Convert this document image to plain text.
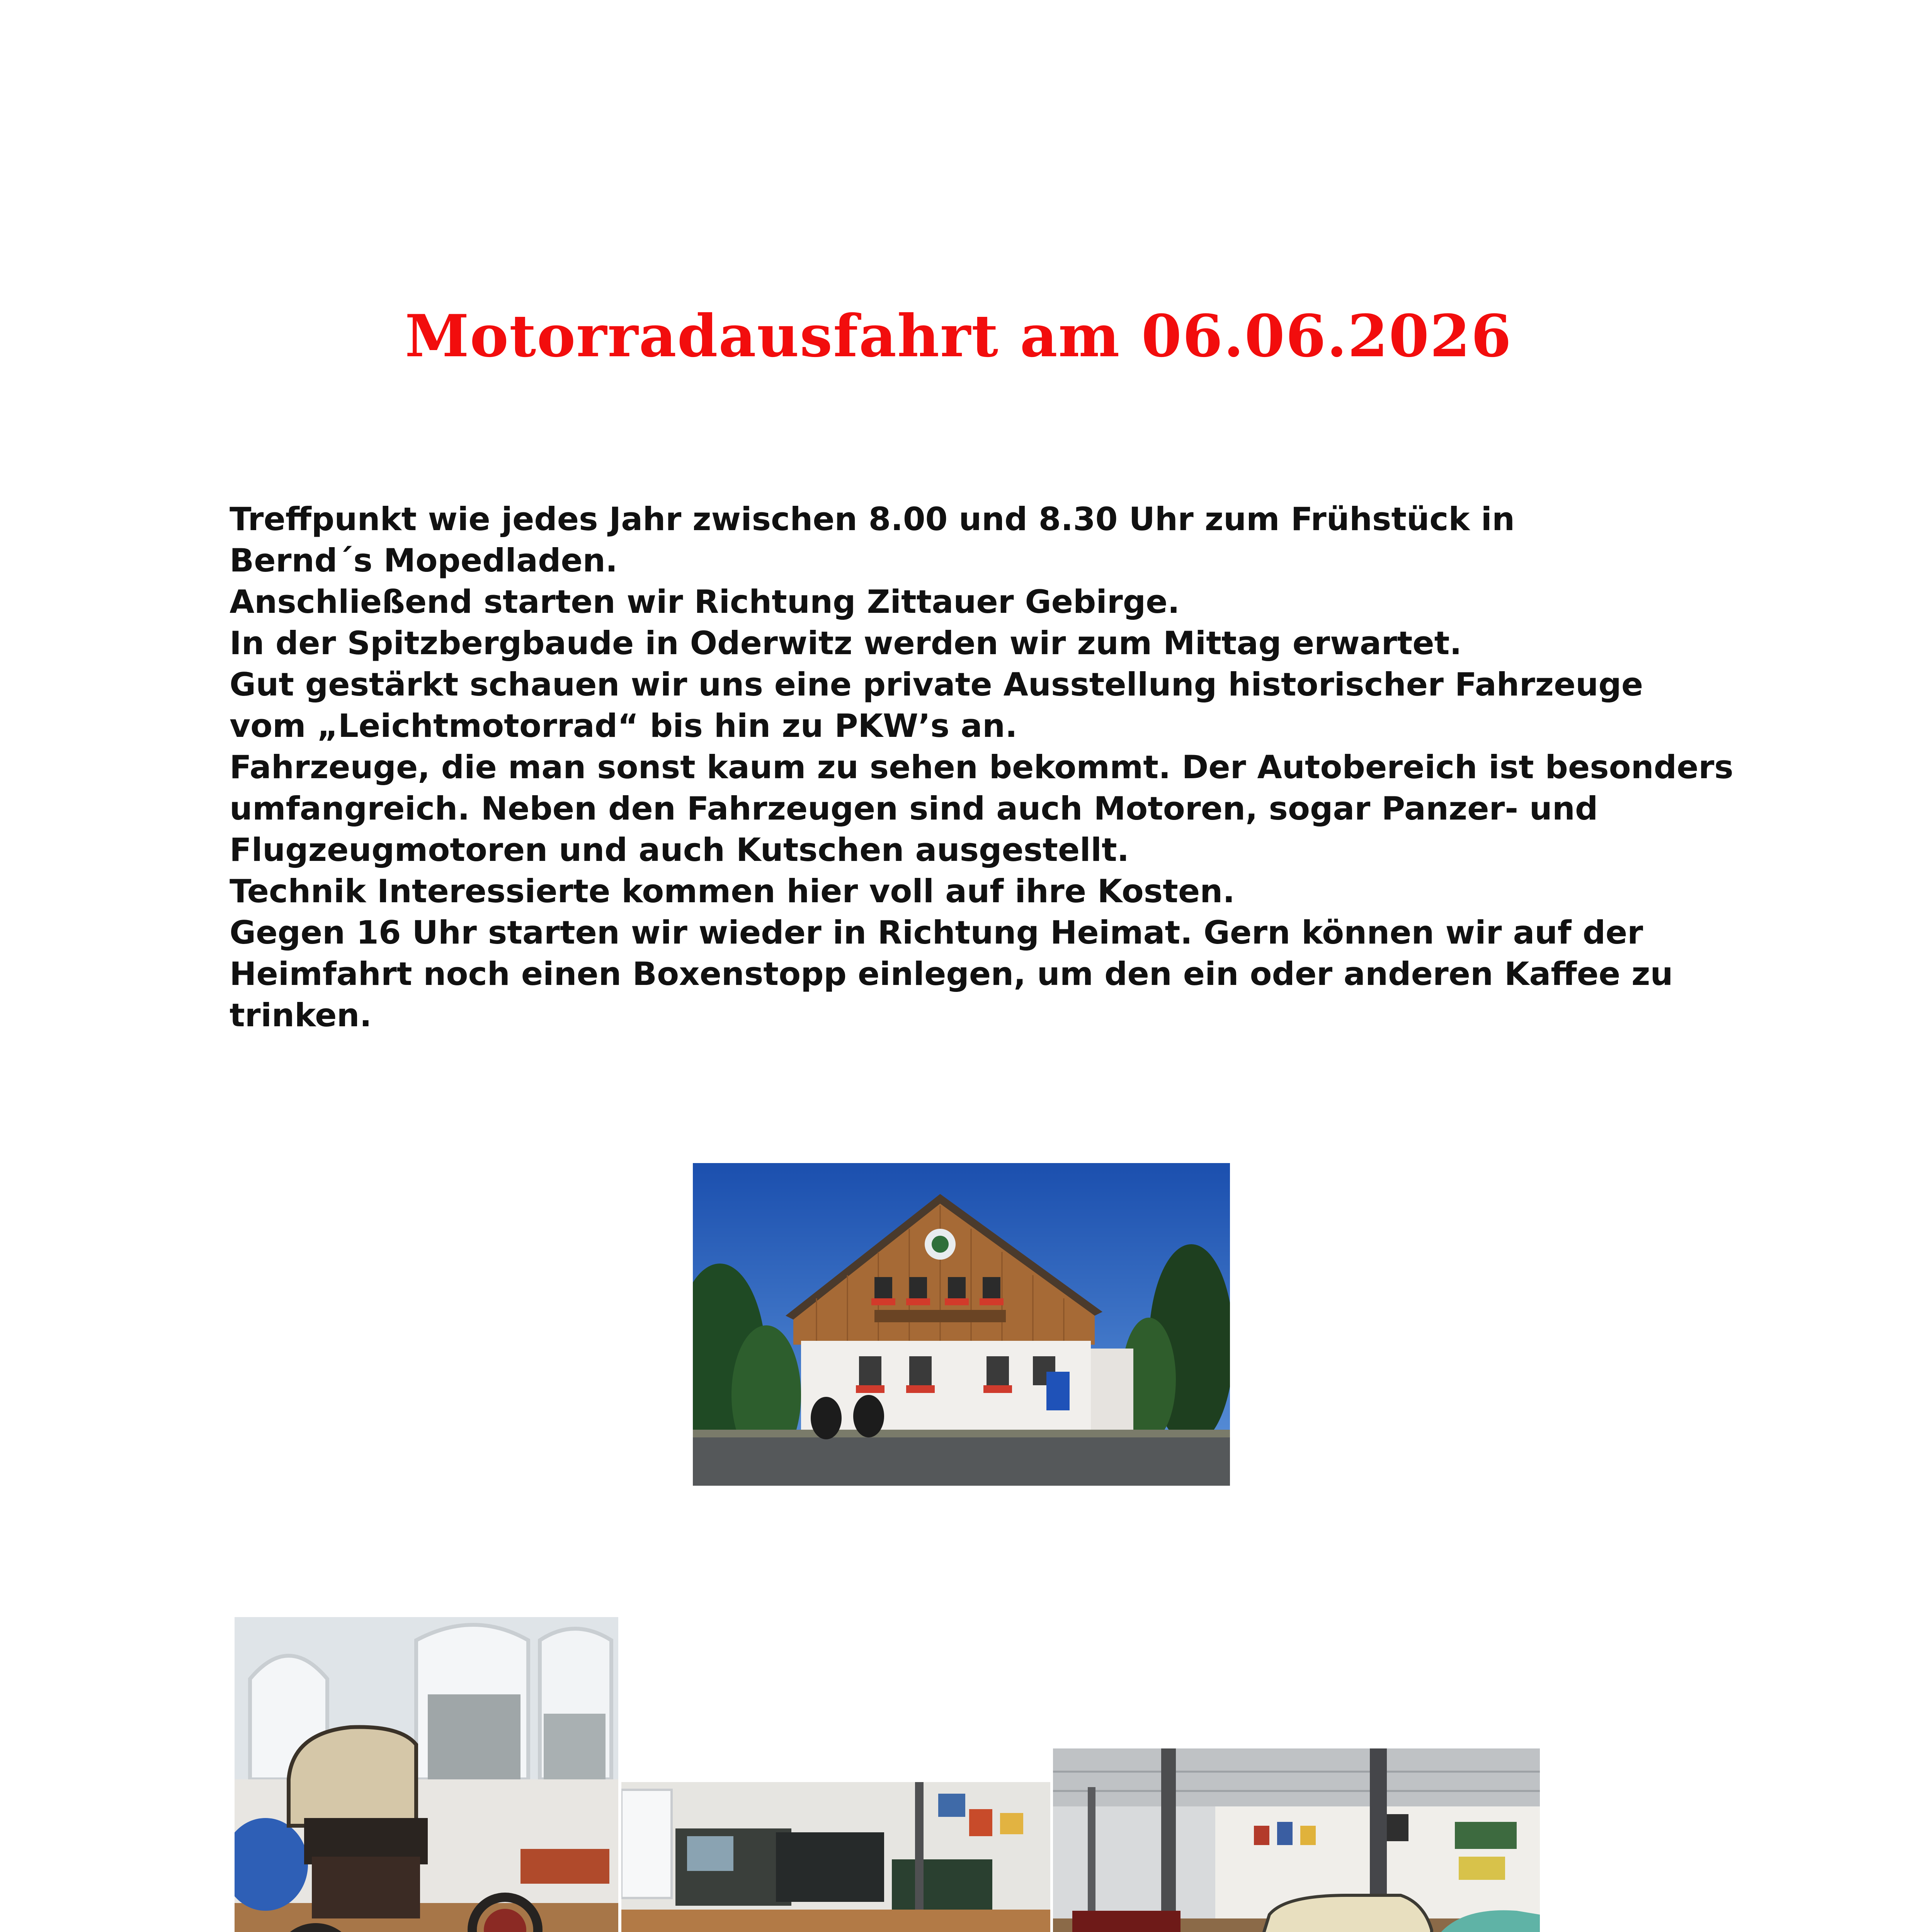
Motorradausfahrt am 06.06.2026
Treffpunkt wie jedes Jahr zwischen 8.00 und 8.30 Uhr zum Frühstück in
Bernd´s Mopedladen.
Anschließend starten wir Richtung Zittauer Gebirge.
In der Spitzbergbaude in Oderwitz werden wir zum Mittag erwartet.
Gut gestärkt schauen wir uns eine private Ausstellung historischer Fahrzeuge
vom „Leichtmotorrad“ bis hin zu PKW’s an.
Fahrzeuge, die man sonst kaum zu sehen bekommt. Der Autobereich ist besonders
umfangreich. Neben den Fahrzeugen sind auch Motoren, sogar Panzer- und
Flugzeugmotoren und auch Kutschen ausgestellt.
Technik Interessierte kommen hier voll auf ihre Kosten.
Gegen 16 Uhr starten wir wieder in Richtung Heimat. Gern können wir auf der
Heimfahrt noch einen Boxenstopp einlegen, um den ein oder anderen Kaffee zu
trinken.
